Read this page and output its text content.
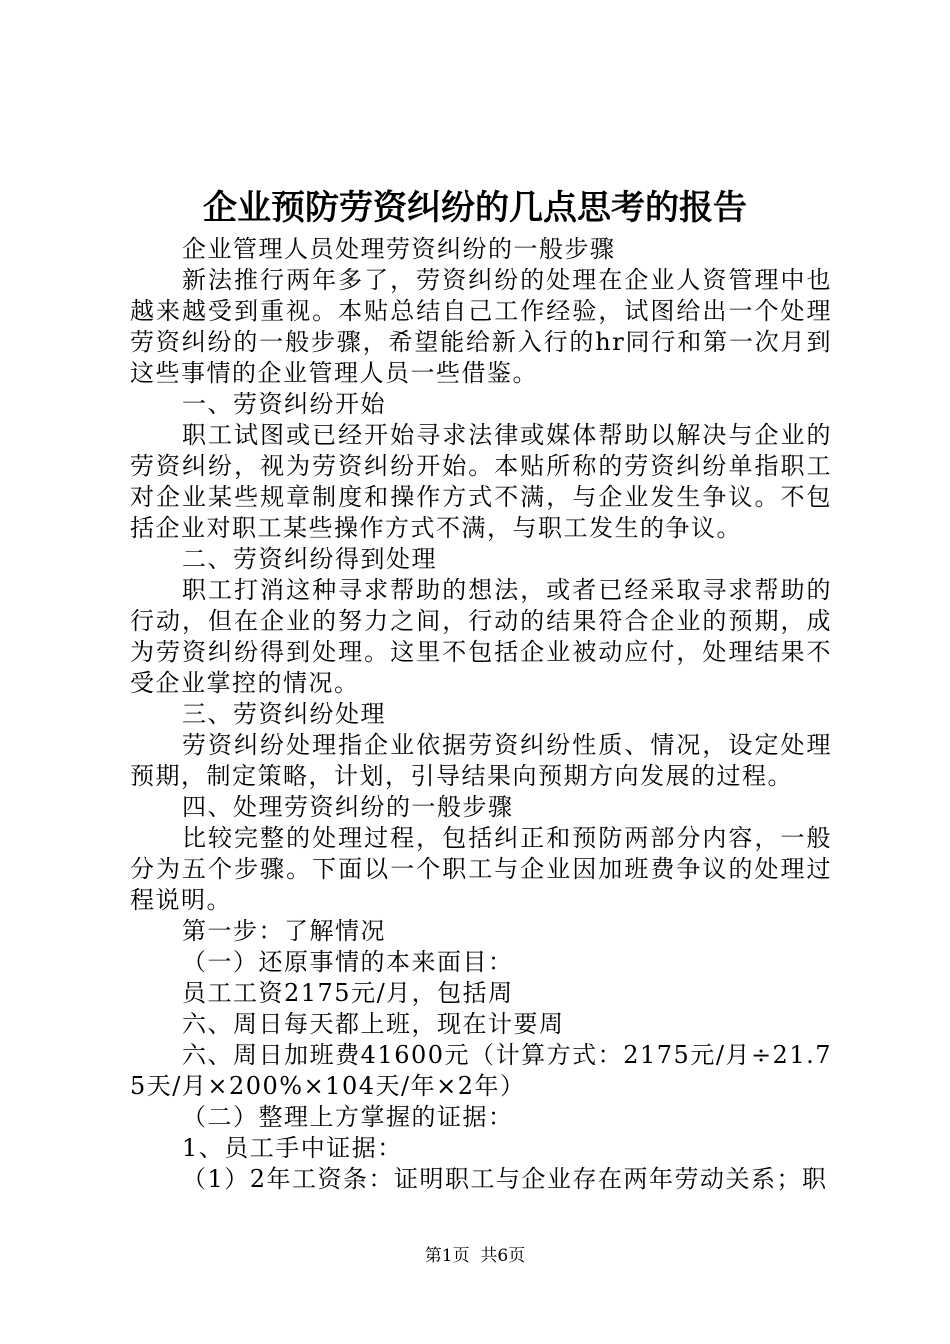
企业预防劳资纠纷的几点思考的报告

企业管理人员处理劳资纠纷的一般步骤

新法推行两年多了，劳资纠纷的处理在企业人资管理中也越来越受到重视。本贴总结自己工作经验，试图给出一个处理劳资纠纷的一般步骤，希望能给新入行的hr同行和第一次月到这些事情的企业管理人员一些借鉴。

一、劳资纠纷开始

职工试图或已经开始寻求法律或媒体帮助以解决与企业的劳资纠纷，视为劳资纠纷开始。本贴所称的劳资纠纷单指职工对企业某些规章制度和操作方式不满，与企业发生争议。不包括企业对职工某些操作方式不满，与职工发生的争议。

二、劳资纠纷得到处理

职工打消这种寻求帮助的想法，或者已经采取寻求帮助的行动，但在企业的努力之间，行动的结果符合企业的预期，成为劳资纠纷得到处理。这里不包括企业被动应付，处理结果不受企业掌控的情况。

三、劳资纠纷处理

劳资纠纷处理指企业依据劳资纠纷性质、情况，设定处理预期，制定策略，计划，引导结果向预期方向发展的过程。

四、处理劳资纠纷的一般步骤

比较完整的处理过程，包括纠正和预防两部分内容，一般分为五个步骤。下面以一个职工与企业因加班费争议的处理过程说明。

第一步：了解情况

（一）还原事情的本来面目：

员工工资2175元/月，包括周

六、周日每天都上班，现在计要周

六、周日加班费41600元（计算方式：2175元/月÷21.75天/月×200%×104天/年×2年）

（二）整理上方掌握的证据：

1、员工手中证据：

（1）2年工资条：证明职工与企业存在两年劳动关系；职

第1页 共6页
